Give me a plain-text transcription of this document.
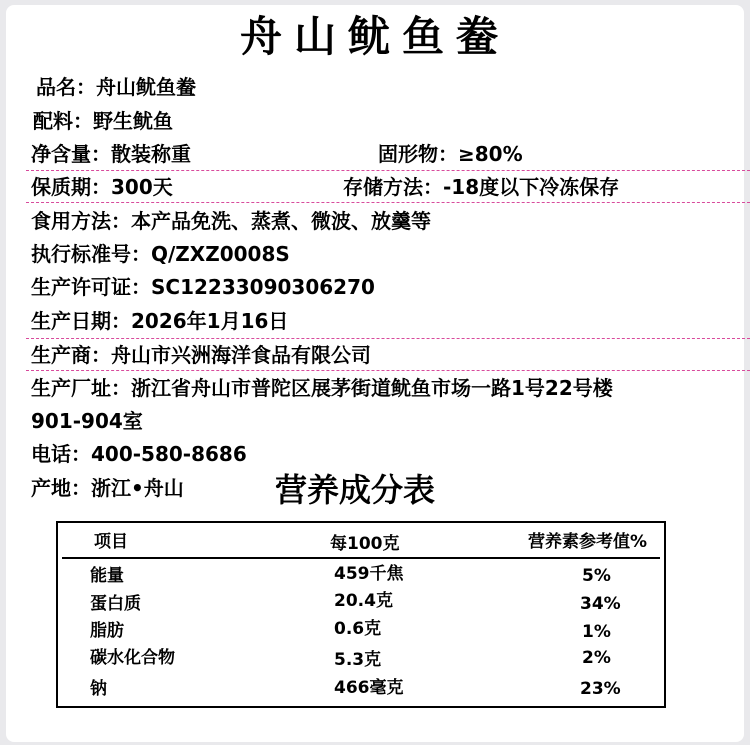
舟山鱿鱼鲞
品名：舟山鱿鱼鲞
配料：野生鱿鱼
净含量：散装称重	固形物：≥80%
保质期：300天	存储方法：-18度以下冷冻保存
食用方法：本产品免洗、蒸煮、微波、放羹等
执行标准号：Q/ZXZ0008S
生产许可证：SC12233090306270
生产日期：2026年1月16日
生产商：舟山市兴洲海洋食品有限公司
生产厂址：浙江省舟山市普陀区展茅街道鱿鱼市场一路1号22号楼
901-904室
电话：400-580-8686
产地：浙江•舟山	营养成分表
项目	每100克	营养素参考值%
能量	459千焦	5%
蛋白质	20.4克	34%
脂肪	0.6克	1%
碳水化合物	5.3克	2%
钠	466毫克	23%
